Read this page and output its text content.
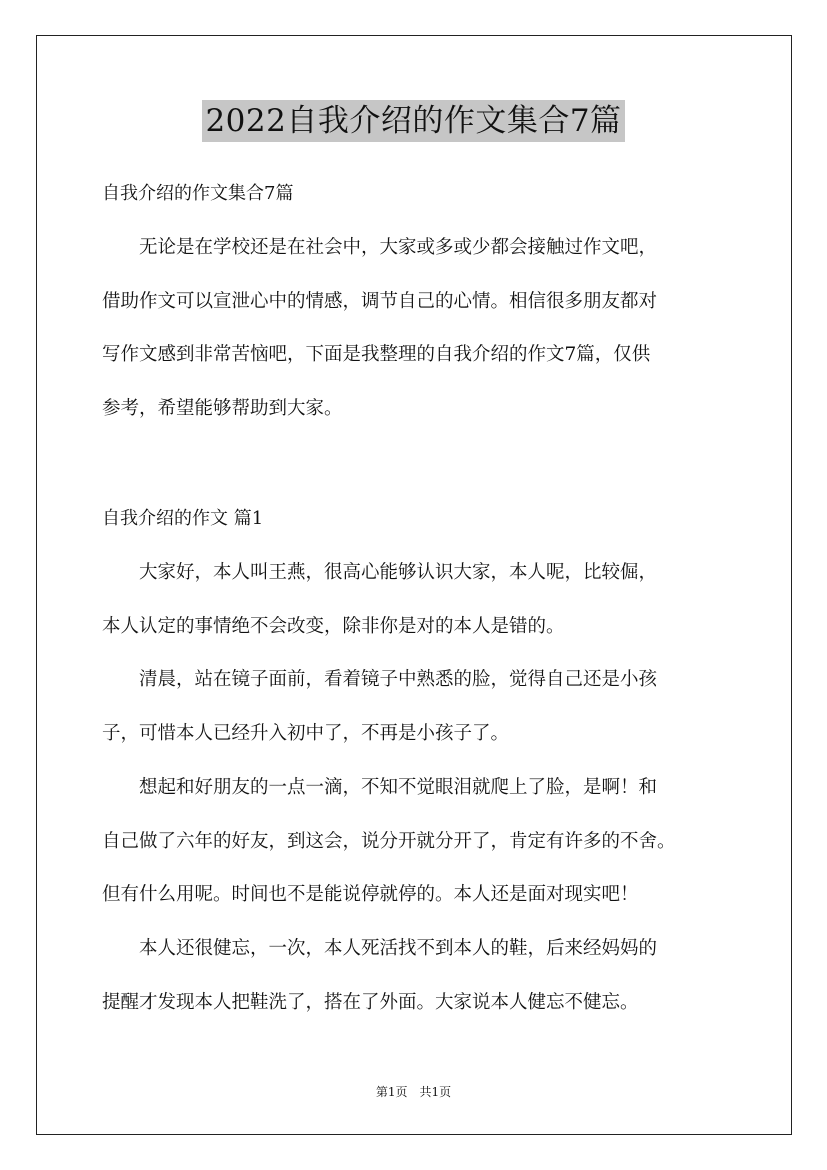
2022自我介绍的作文集合7篇
自我介绍的作文集合7篇
　　无论是在学校还是在社会中，大家或多或少都会接触过作文吧，
借助作文可以宣泄心中的情感，调节自己的心情。相信很多朋友都对
写作文感到非常苦恼吧，下面是我整理的自我介绍的作文7篇，仅供
参考，希望能够帮助到大家。
自我介绍的作文 篇1
　　大家好，本人叫王燕，很高心能够认识大家，本人呢，比较倔，
本人认定的事情绝不会改变，除非你是对的本人是错的。
　　清晨，站在镜子面前，看着镜子中熟悉的脸，觉得自己还是小孩
子，可惜本人已经升入初中了，不再是小孩子了。
　　想起和好朋友的一点一滴，不知不觉眼泪就爬上了脸，是啊！和
自己做了六年的好友，到这会，说分开就分开了，肯定有许多的不舍。
但有什么用呢。时间也不是能说停就停的。本人还是面对现实吧！
　　本人还很健忘，一次，本人死活找不到本人的鞋，后来经妈妈的
提醒才发现本人把鞋洗了，搭在了外面。大家说本人健忘不健忘。
第1页　共1页
